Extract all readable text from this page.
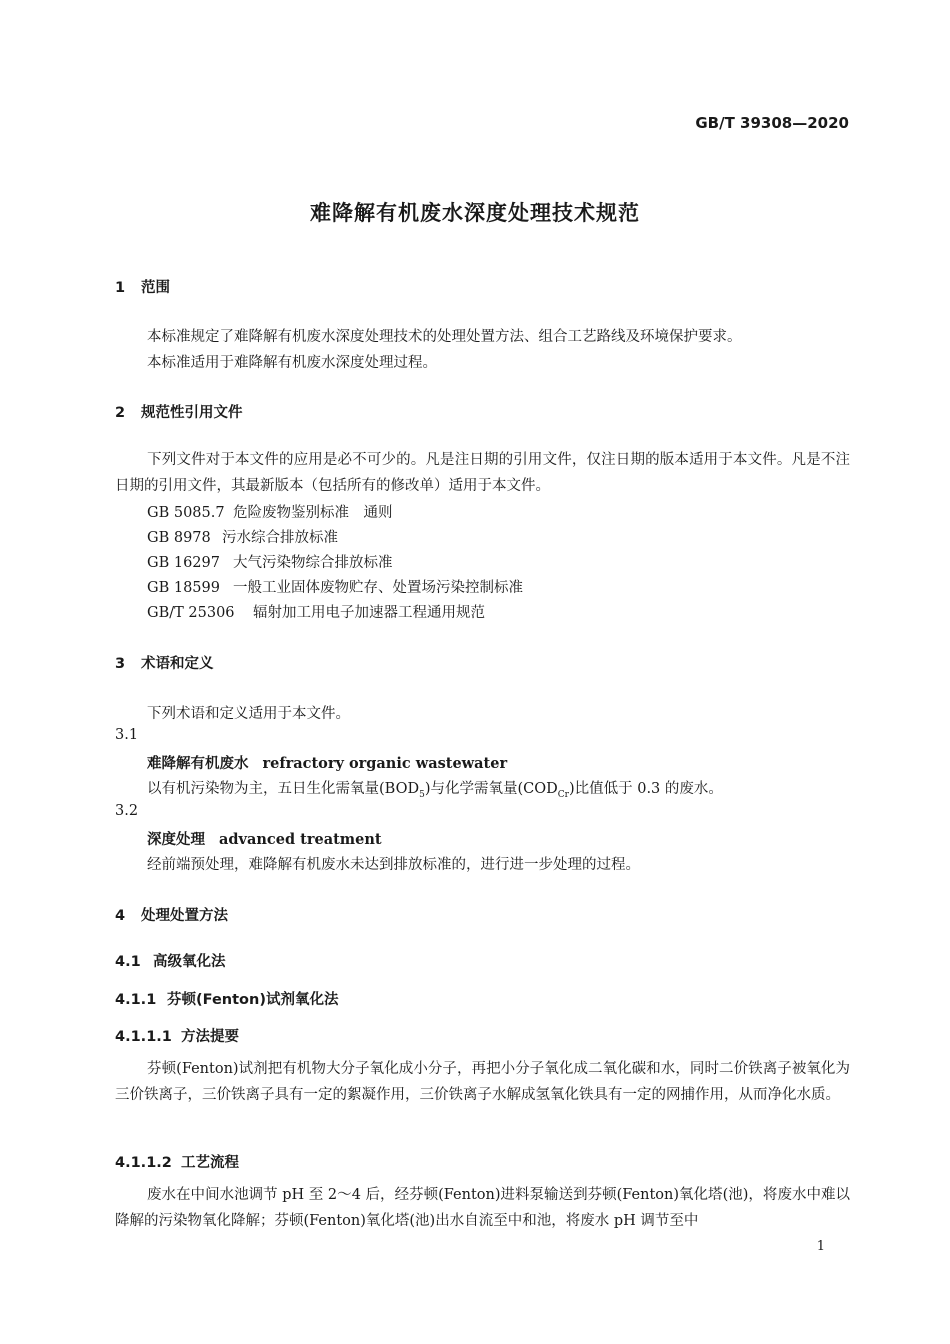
GB/T 39308—2020
难降解有机废水深度处理技术规范
1 范围
本标准规定了难降解有机废水深度处理技术的处理处置方法、组合工艺路线及环境保护要求。
本标准适用于难降解有机废水深度处理过程。
2 规范性引用文件
下列文件对于本文件的应用是必不可少的。凡是注日期的引用文件，仅注日期的版本适用于本文件。凡是不注日期的引用文件，其最新版本（包括所有的修改单）适用于本文件。
GB 5085.7 危险废物鉴别标准　通则
GB 8978 污水综合排放标准
GB 16297 大气污染物综合排放标准
GB 18599 一般工业固体废物贮存、处置场污染控制标准
GB/T 25306 辐射加工用电子加速器工程通用规范
3 术语和定义
下列术语和定义适用于本文件。
3.1
难降解有机废水 refractory organic wastewater
以有机污染物为主，五日生化需氧量$(BOD_5)$与化学需氧量$(COD_{Cr})$比值低于 0.3 的废水。
3.2
深度处理 advanced treatment
经前端预处理，难降解有机废水未达到排放标准的，进行进一步处理的过程。
4 处理处置方法
4.1 高级氧化法
4.1.1 芬顿(Fenton)试剂氧化法
4.1.1.1 方法提要
芬顿(Fenton)试剂把有机物大分子氧化成小分子，再把小分子氧化成二氧化碳和水，同时二价铁离子被氧化为三价铁离子，三价铁离子具有一定的絮凝作用，三价铁离子水解成氢氧化铁具有一定的网捕作用，从而净化水质。
4.1.1.2 工艺流程
废水在中间水池调节 pH 至 2～4 后，经芬顿(Fenton)进料泵输送到芬顿(Fenton)氧化塔(池)，将废水中难以降解的污染物氧化降解；芬顿(Fenton)氧化塔(池)出水自流至中和池，将废水 pH 调节至中
1
